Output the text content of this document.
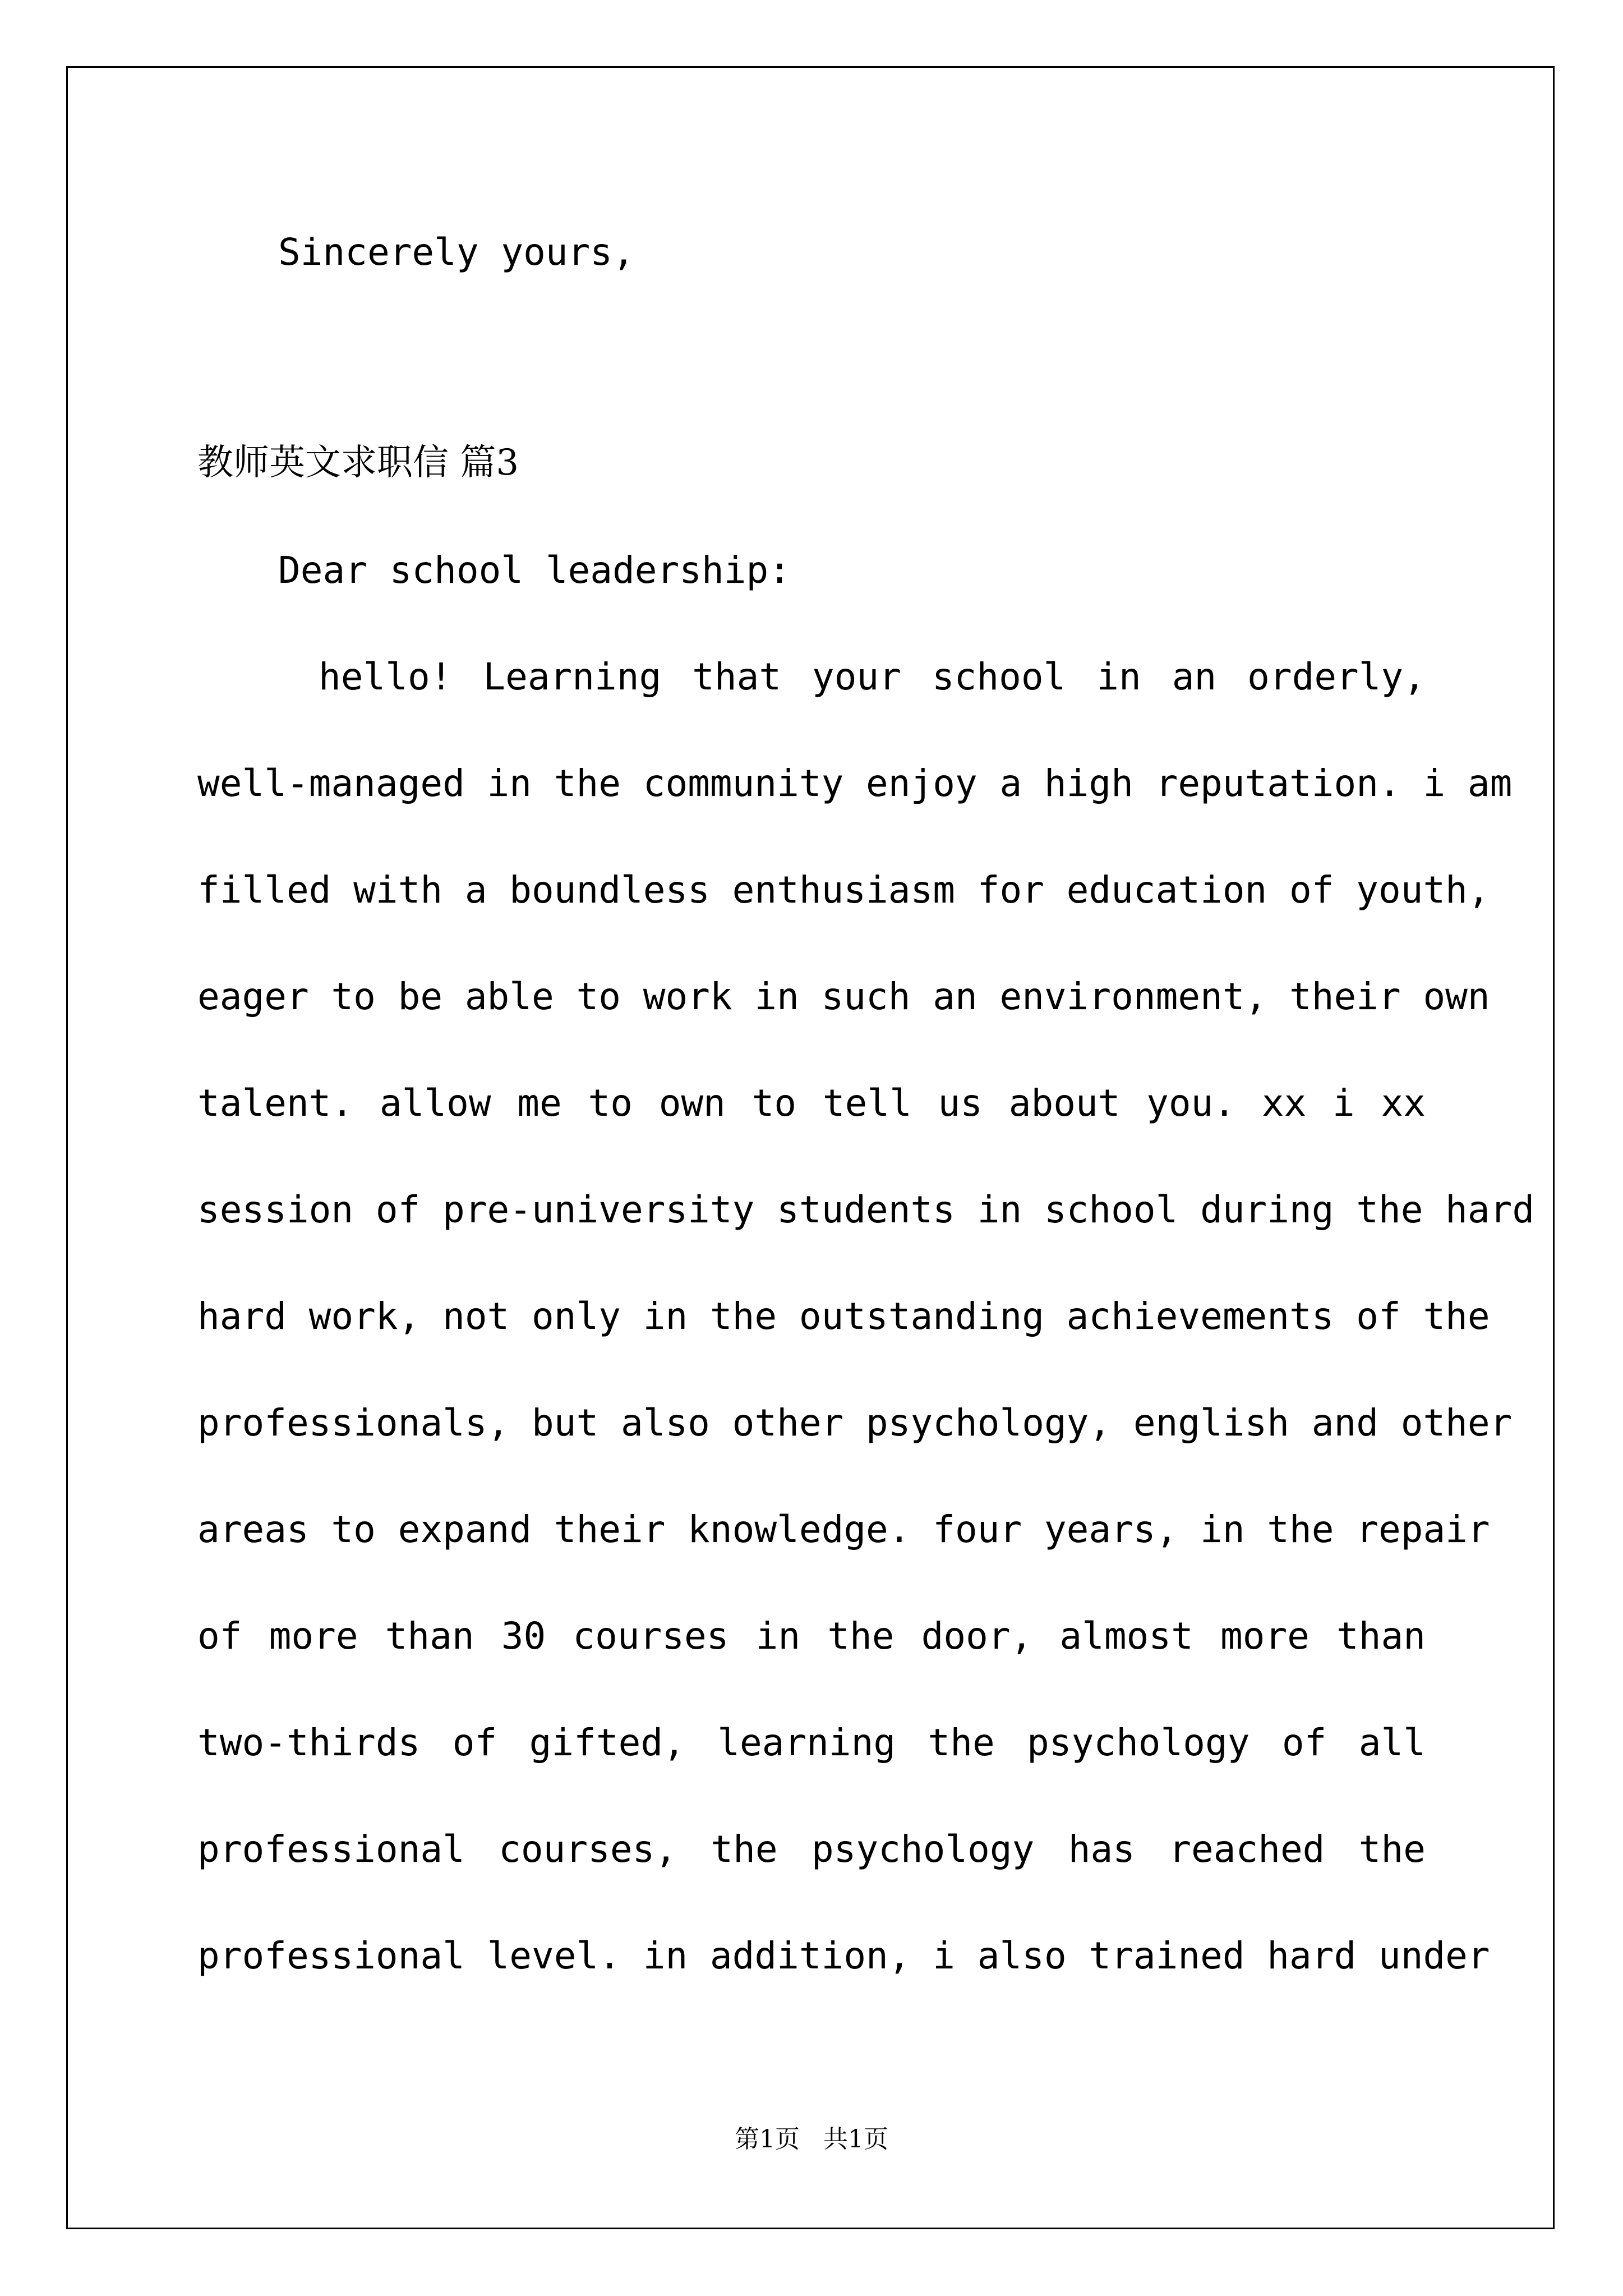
Sincerely yours,
教师英文求职信 篇3
Dear school leadership:
hello! Learning that your school in an orderly,
well-managed in the community enjoy a high reputation. i am
filled with a boundless enthusiasm for education of youth,
eager to be able to work in such an environment, their own
talent. allow me to own to tell us about you. xx i xx
session of pre-university students in school during the hard
hard work, not only in the outstanding achievements of the
professionals, but also other psychology, english and other
areas to expand their knowledge. four years, in the repair
of more than 30 courses in the door, almost more than
two-thirds of gifted, learning the psychology of all
professional courses, the psychology has reached the
professional level. in addition, i also trained hard under
第1页   共1页
